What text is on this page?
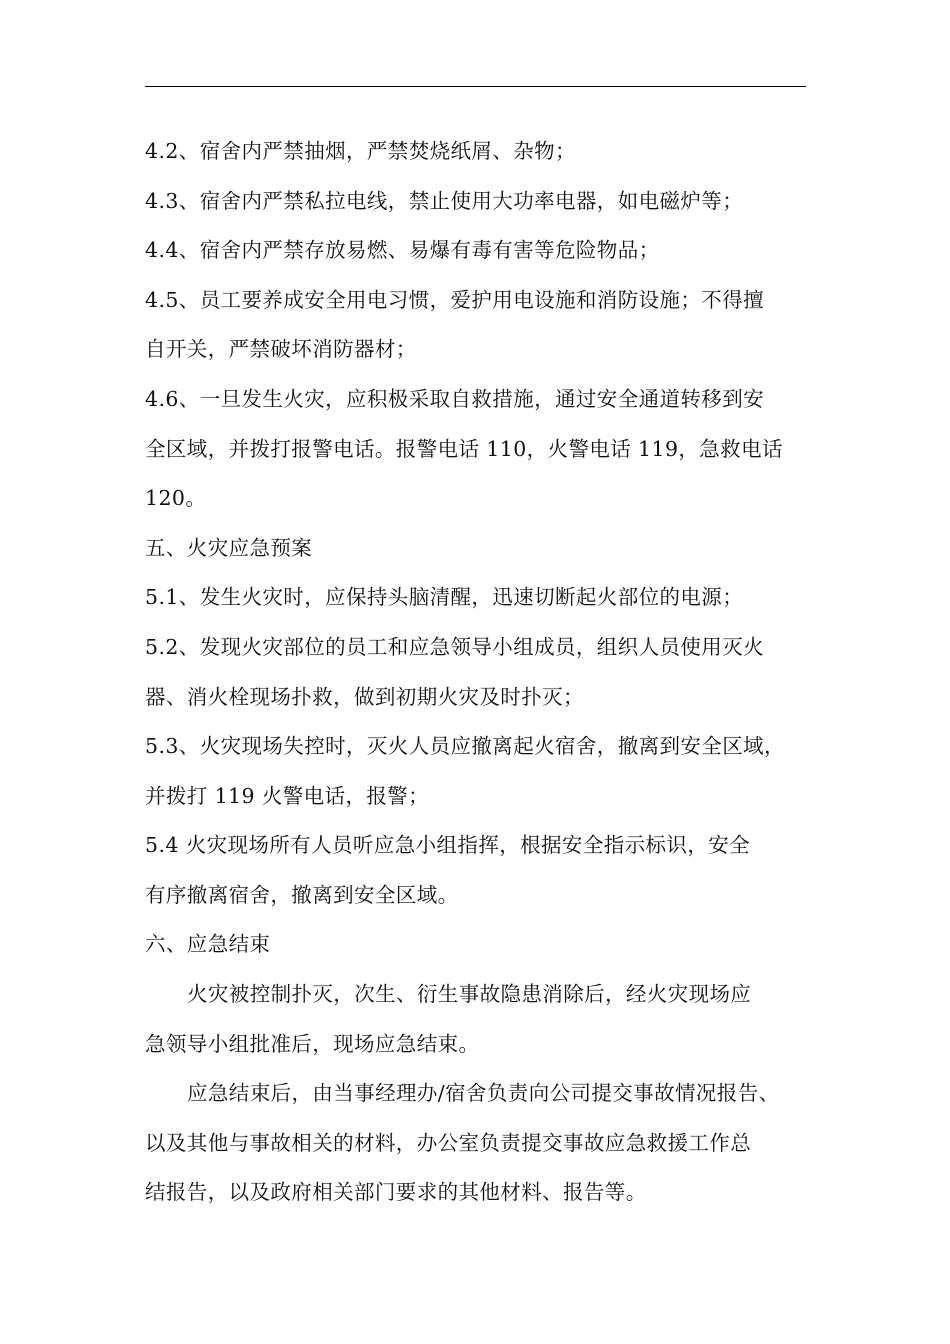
4.2、宿舍内严禁抽烟，严禁焚烧纸屑、杂物；
4.3、宿舍内严禁私拉电线，禁止使用大功率电器，如电磁炉等；
4.4、宿舍内严禁存放易燃、易爆有毒有害等危险物品；
4.5、员工要养成安全用电习惯，爱护用电设施和消防设施；不得擅
自开关，严禁破坏消防器材；
4.6、一旦发生火灾，应积极采取自救措施，通过安全通道转移到安
全区域，并拨打报警电话。报警电话 110，火警电话 119，急救电话
120。
五、火灾应急预案
5.1、发生火灾时，应保持头脑清醒，迅速切断起火部位的电源；
5.2、发现火灾部位的员工和应急领导小组成员，组织人员使用灭火
器、消火栓现场扑救，做到初期火灾及时扑灭；
5.3、火灾现场失控时，灭火人员应撤离起火宿舍，撤离到安全区域，
并拨打 119 火警电话，报警；
5.4 火灾现场所有人员听应急小组指挥，根据安全指示标识，安全
有序撤离宿舍，撤离到安全区域。
六、应急结束
火灾被控制扑灭，次生、衍生事故隐患消除后，经火灾现场应
急领导小组批准后，现场应急结束。
应急结束后，由当事经理办/宿舍负责向公司提交事故情况报告、
以及其他与事故相关的材料，办公室负责提交事故应急救援工作总
结报告，以及政府相关部门要求的其他材料、报告等。
